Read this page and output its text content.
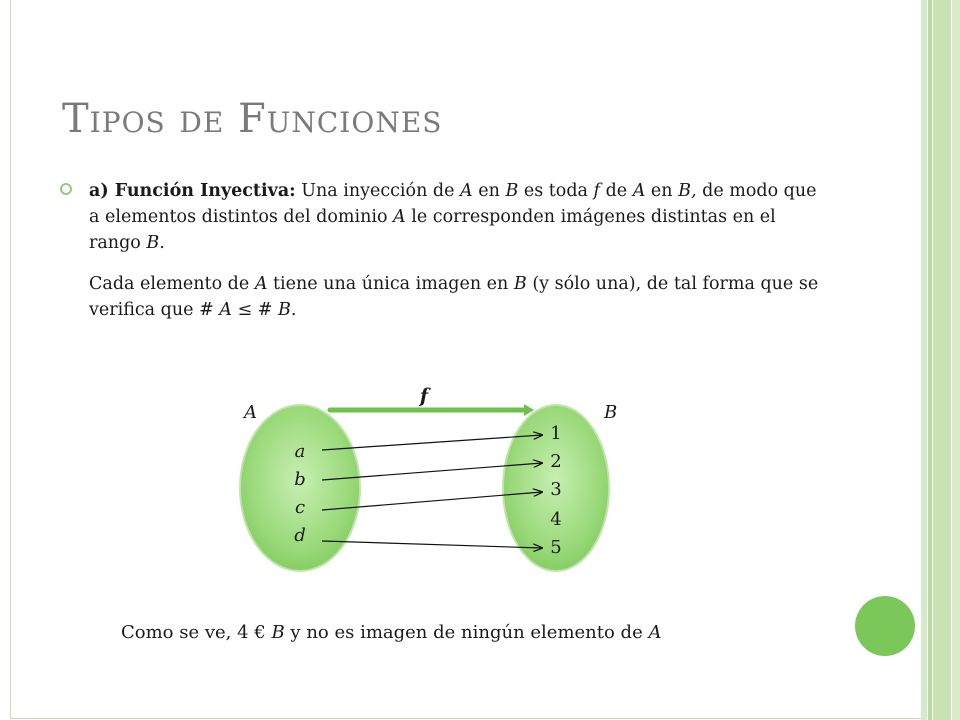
Tipos de Funciones

a) Función Inyectiva: Una inyección de A en B es toda f de A en B, de modo que a elementos distintos del dominio A le corresponden imágenes distintas en el rango B.

Cada elemento de A tiene una única imagen en B (y sólo una), de tal forma que se verifica que # A ≤ # B.

f
A	B
a
b
c
d
1
2
3
4
5
Como se ve, 4 € B y no es imagen de ningún elemento de A
